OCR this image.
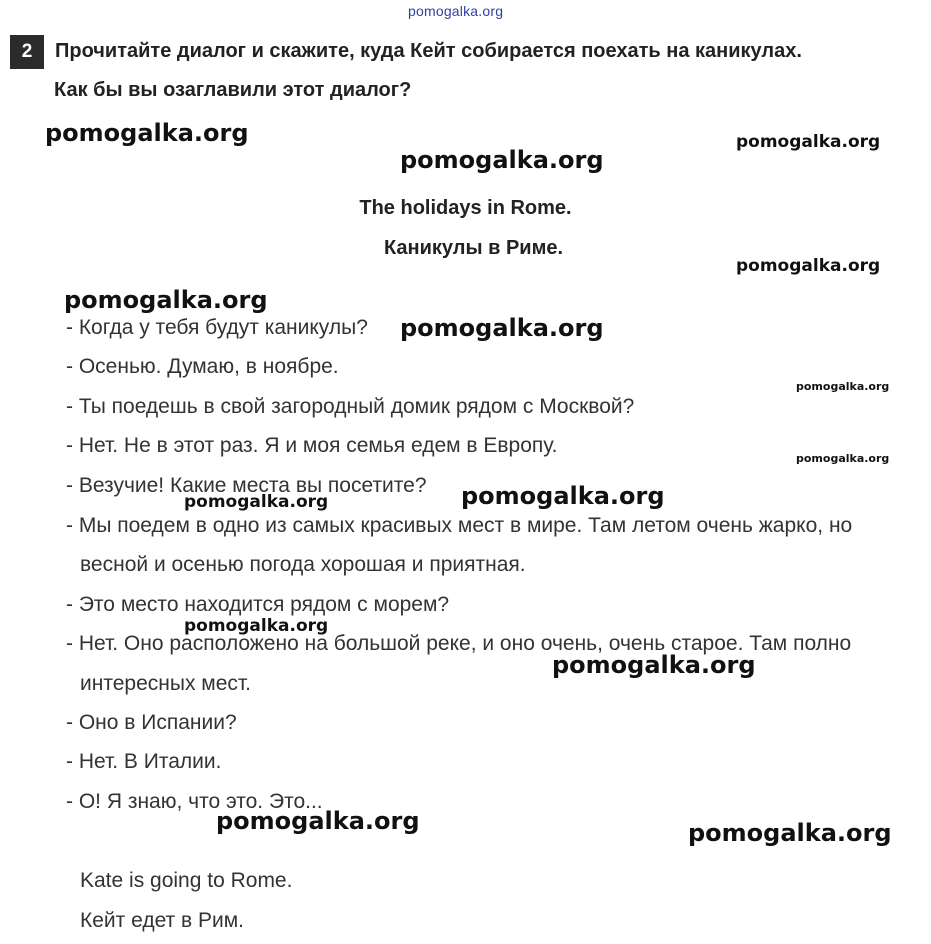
pomogalka.org
2	Прочитайте диалог и скажите, куда Кейт собирается поехать на каникулах.
Как бы вы озаглавили этот диалог?
The holidays in Rome.
Каникулы в Риме.
- Когда у тебя будут каникулы?
- Осенью. Думаю, в ноябре.
- Ты поедешь в свой загородный домик рядом с Москвой?
- Нет. Не в этот раз. Я и моя семья едем в Европу.
- Везучие! Какие места вы посетите?
- Мы поедем в одно из самых красивых мест в мире. Там летом очень жарко, но
весной и осенью погода хорошая и приятная.
- Это место находится рядом с морем?
- Нет. Оно расположено на большой реке, и оно очень, очень старое. Там полно
интересных мест.
- Оно в Испании?
- Нет. В Италии.
- О! Я знаю, что это. Это...
Kate is going to Rome.
Кейт едет в Рим.
pomogalka.org
pomogalka.org
pomogalka.org
pomogalka.org
pomogalka.org
pomogalka.org
pomogalka.org
pomogalka.org
pomogalka.org	pomogalka.org
pomogalka.org
pomogalka.org
pomogalka.org	pomogalka.org
